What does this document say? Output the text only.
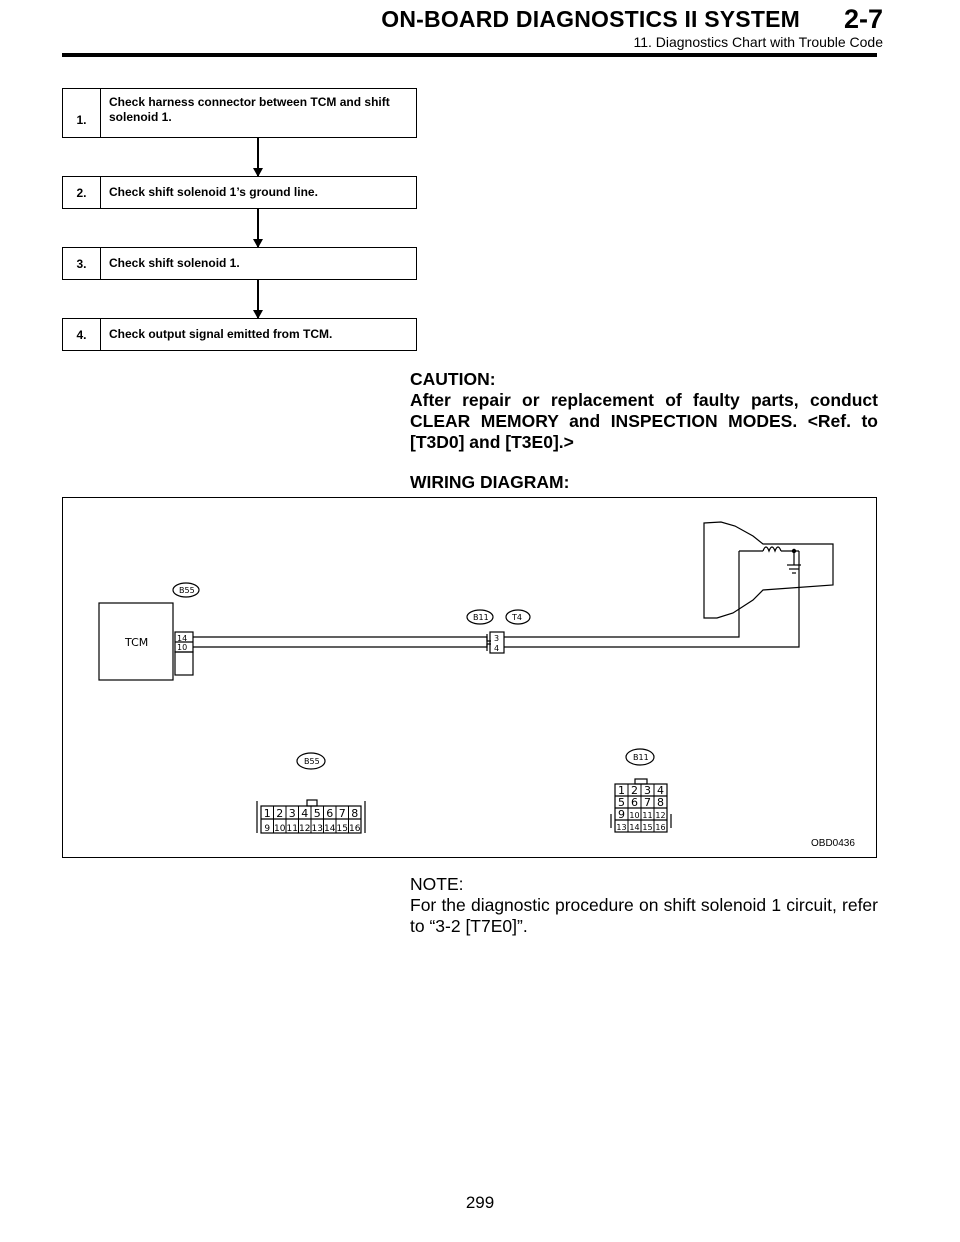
ON-BOARD DIAGNOSTICS II SYSTEM 2-7
11. Diagnostics Chart with Trouble Code
1.
Check harness connector between TCM and shift solenoid 1.
2.	Check shift solenoid 1’s ground line.
3.	Check shift solenoid 1.
4.	Check output signal emitted from TCM.
CAUTION:
After repair or replacement of faulty parts, conduct CLEAR MEMORY and INSPECTION MODES. <Ref. to [T3D0] and [T3E0].>
WIRING DIAGRAM:
TCM	14
10
B55
B11	T4
3
4
B55	B11
OBD0436
1
9
2
10
3
11
4
12
5
13
6
14
7
15
8
16
1 2 3 4
5 6 7 8
9 10 11 12
13 14 15 16
NOTE:
For the diagnostic procedure on shift solenoid 1 circuit, refer to “3-2 [T7E0]”.
299
